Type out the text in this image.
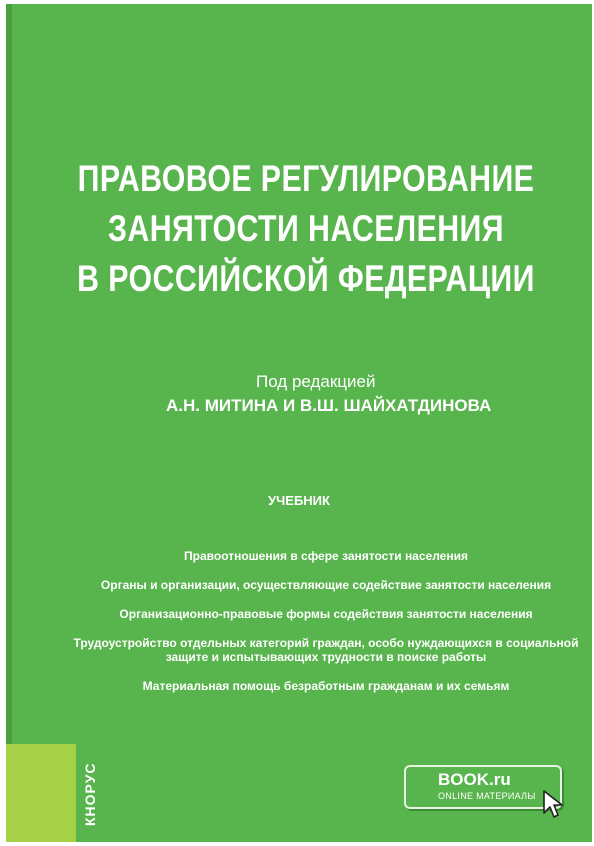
ПРАВОВОЕ РЕГУЛИРОВАНИЕ
ЗАНЯТОСТИ НАСЕЛЕНИЯ
В РОССИЙСКОЙ ФЕДЕРАЦИИ
Под редакцией
А.Н. МИТИНА И В.Ш. ШАЙХАТДИНОВА
УЧЕБНИК
Правоотношения в сфере занятости населения
Органы и организации, осуществляющие содействие занятости населения
Организационно-правовые формы содействия занятости населения
Трудоустройство отдельных категорий граждан, особо нуждающихся в социальной защите и испытывающих трудности в поиске работы
Материальная помощь безработным гражданам и их семьям
КНОРУС	BOOK.ru
ONLINE МАТЕРИАЛЫ
